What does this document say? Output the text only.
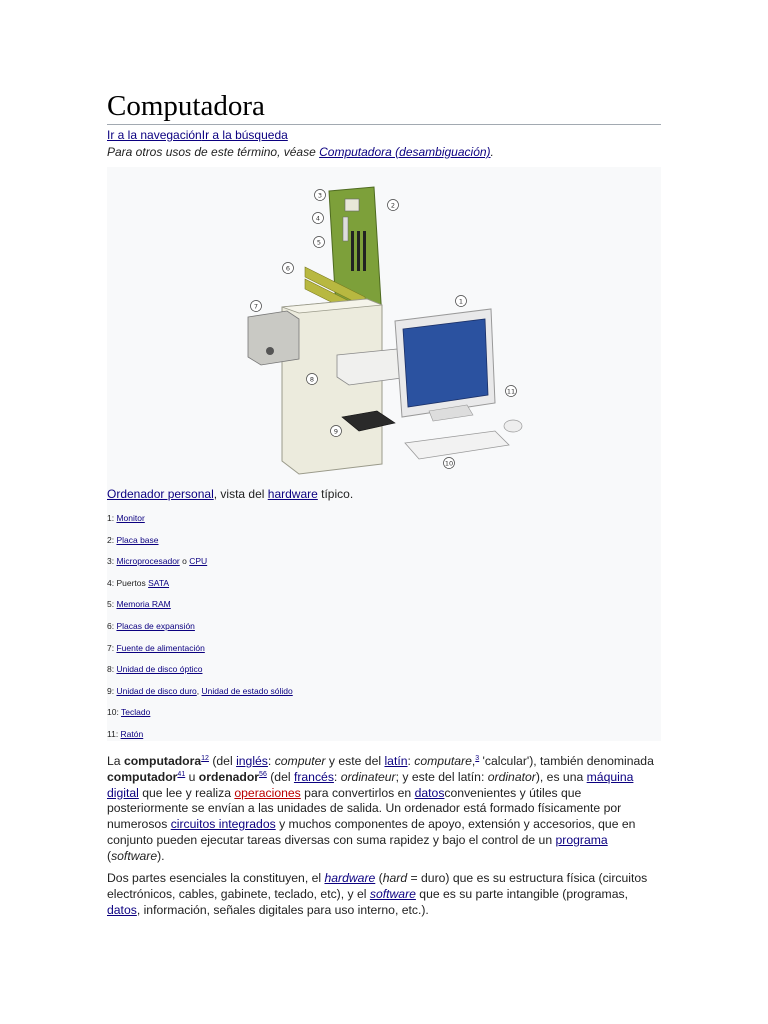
Computadora
Ir a la navegaciónIr a la búsqueda
Para otros usos de este término, véase Computadora (desambiguación).
3
2
4
5
6
7
1
8
11
9
10
Ordenador personal, vista del hardware típico.
1: Monitor
2: Placa base
3: Microprocesador o CPU
4: Puertos SATA
5: Memoria RAM
6: Placas de expansión
7: Fuente de alimentación
8: Unidad de disco óptico
9: Unidad de disco duro, Unidad de estado sólido
10: Teclado
11: Ratón
La computadora$^{12}$ (del inglés: computer y este del latín: computare,$^3$ 'calcular'), también denominada computador$^{41}$ u ordenador$^{56}$ (del francés: ordinateur; y este del latín: ordinator), es una máquina digital que lee y realiza operaciones para convertirlos en datosconvenientes y útiles que posteriormente se envían a las unidades de salida. Un ordenador está formado físicamente por numerosos circuitos integrados y muchos componentes de apoyo, extensión y accesorios, que en conjunto pueden ejecutar tareas diversas con suma rapidez y bajo el control de un programa (software).
Dos partes esenciales la constituyen, el hardware (hard = duro) que es su estructura física (circuitos electrónicos, cables, gabinete, teclado, etc), y el software que es su parte intangible (programas, datos, información, señales digitales para uso interno, etc.).
